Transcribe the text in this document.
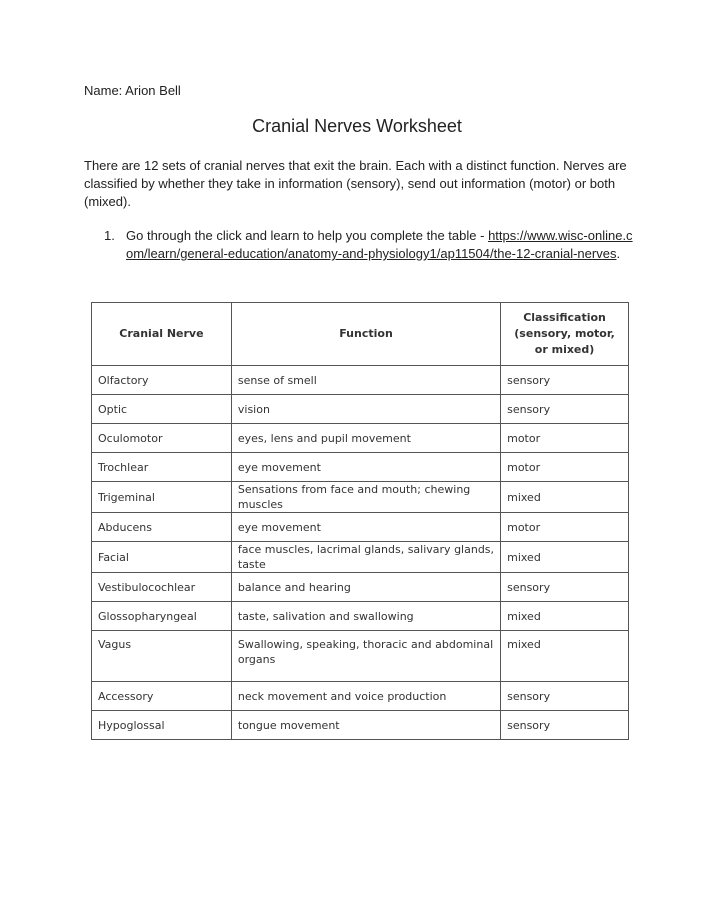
Name: Arion Bell
Cranial Nerves Worksheet
There are 12 sets of cranial nerves that exit the brain. Each with a distinct function. Nerves are classified by whether they take in information (sensory), send out information (motor) or both (mixed).
1. Go through the click and learn to help you complete the table - https://www.wisc-online.com/learn/general-education/anatomy-and-physiology1/ap11504/the-12-cranial-nerves.
Cranial Nerve	Function	Classification (sensory, motor, or mixed)
Olfactory	sense of smell	sensory
Optic	vision	sensory
Oculomotor	eyes, lens and pupil movement	motor
Trochlear	eye movement	motor
Trigeminal	Sensations from face and mouth; chewing muscles	mixed
Abducens	eye movement	motor
Facial	face muscles, lacrimal glands, salivary glands, taste	mixed
Vestibulocochlear	balance and hearing	sensory
Glossopharyngeal	taste, salivation and swallowing	mixed
Vagus	Swallowing, speaking, thoracic and abdominal organs	mixed
Accessory	neck movement and voice production	sensory
Hypoglossal	tongue movement	sensory
